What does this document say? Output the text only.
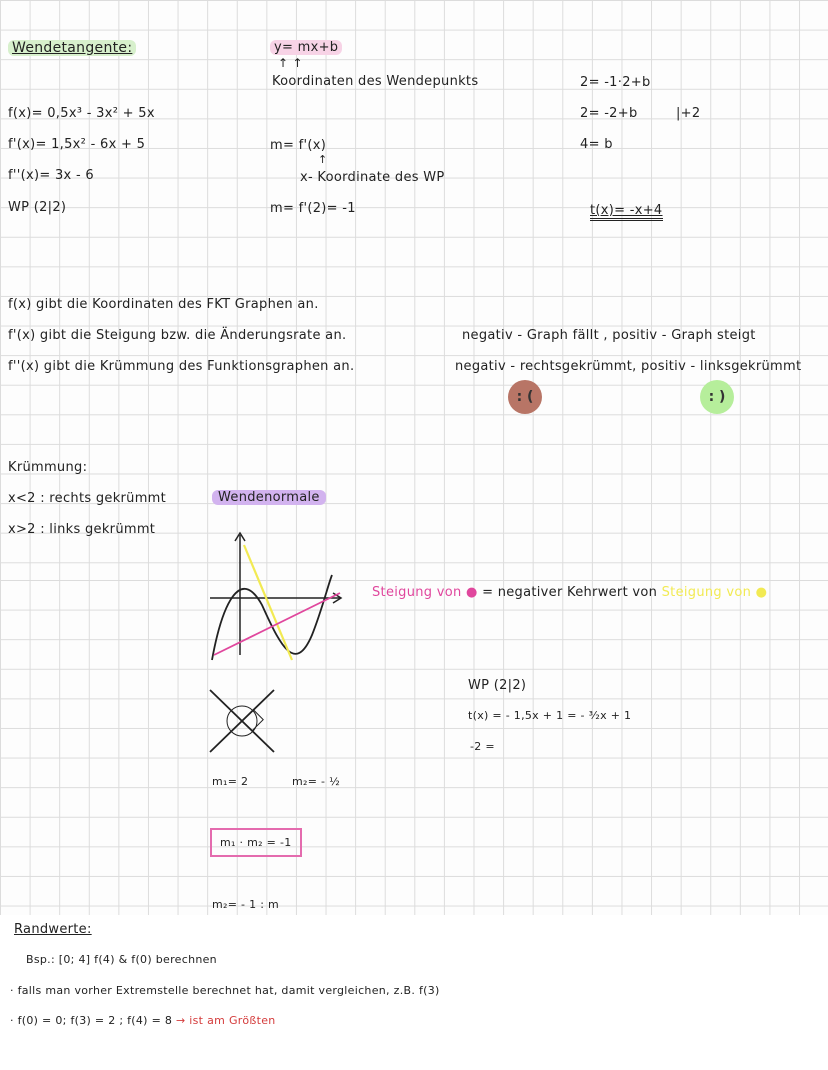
Wendetangente:
f(x)= 0,5x³ - 3x² + 5x
f'(x)= 1,5x² - 6x + 5
f''(x)= 3x - 6
WP (2|2)
y= mx+b
↑ ↑
Koordinaten des Wendepunkts
m= f'(x)
↑
x- Koordinate des WP
m= f'(2)= -1
2= -1·2+b
2= -2+b	|+2
4= b
t(x)= -x+4
f(x) gibt die Koordinaten des FKT Graphen an.
f'(x) gibt die Steigung bzw. die Änderungsrate an.	negativ - Graph fällt , positiv - Graph steigt
f''(x) gibt die Krümmung des Funktionsgraphen an.	negativ - rechtsgekrümmt, positiv - linksgekrümmt
: (	: )
Krümmung:
x<2 : rechts gekrümmt
x>2 : links gekrümmt
Wendenormale
Steigung von ● = negativer Kehrwert von Steigung von ●
WP (2|2)
t(x) = - 1,5x + 1 = - ³⁄₂x + 1
-2 =
m₁= 2	m₂= - ½
m₁ · m₂ = -1
m₂= - 1 : m
Randwerte:
Bsp.: [0; 4] f(4) & f(0) berechnen
· falls man vorher Extremstelle berechnet hat, damit vergleichen, z.B. f(3)
· f(0) = 0; f(3) = 2 ; f(4) = 8 → ist am Größten
